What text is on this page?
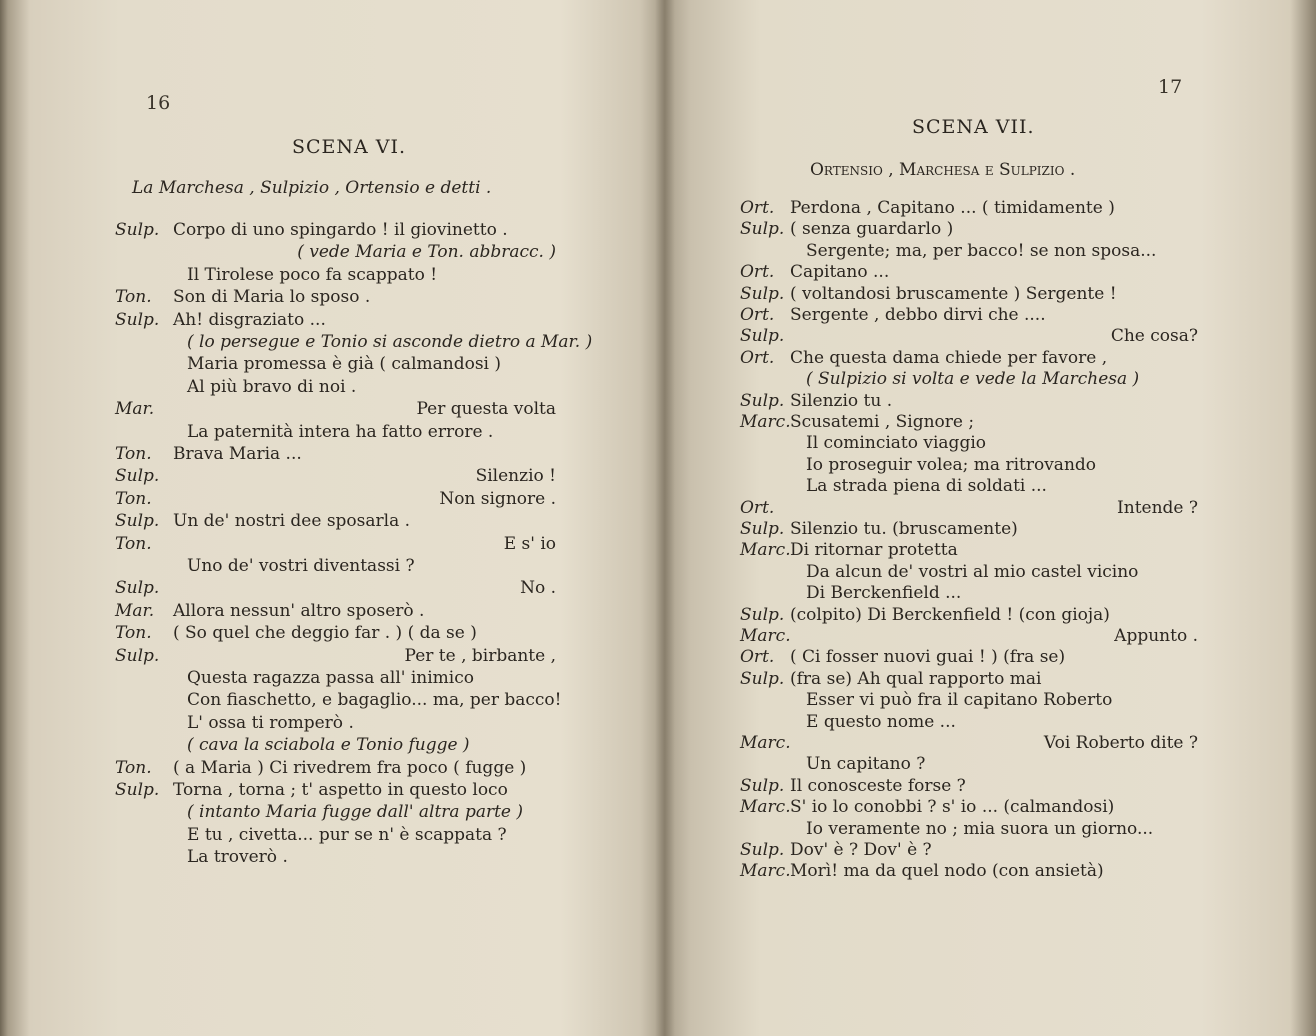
16
SCENA VI.
La Marchesa , Sulpizio , Ortensio e detti .
Sulp. Corpo di uno spingardo ! il giovinetto .
( vede Maria e Ton. abbracc. )
Il Tirolese poco fa scappato !
Ton. Son di Maria lo sposo .
Sulp. Ah! disgraziato ...
( lo persegue e Tonio si asconde dietro a Mar. )
Maria promessa è già ( calmandosi )
Al più bravo di noi .
Mar.	Per questa volta
La paternità intera ha fatto errore .
Ton. Brava Maria ...
Sulp.	Silenzio !
Ton.	Non signore .
Sulp. Un de' nostri dee sposarla .
Ton.	E s' io
Uno de' vostri diventassi ?
Sulp.	No .
Mar. Allora nessun' altro sposerò .
Ton. ( So quel che deggio far . ) ( da se )
Sulp.	Per te , birbante ,
Questa ragazza passa all' inimico
Con fiaschetto, e bagaglio... ma, per bacco!
L' ossa ti romperò .
( cava la sciabola e Tonio fugge )
Ton. ( a Maria ) Ci rivedrem fra poco ( fugge )
Sulp. Torna , torna ; t' aspetto in questo loco
( intanto Maria fugge dall' altra parte )
E tu , civetta... pur se n' è scappata ?
La troverò .
17
SCENA VII.
Ortensio , Marchesa e Sulpizio .
Ort. Perdona , Capitano ... ( timidamente )
Sulp. ( senza guardarlo )
Sergente; ma, per bacco! se non sposa...
Ort. Capitano ...
Sulp. ( voltandosi bruscamente ) Sergente !
Ort. Sergente , debbo dirvi che ....
Sulp.	Che cosa?
Ort. Che questa dama chiede per favore ,
( Sulpizio si volta e vede la Marchesa )
Sulp. Silenzio tu .
Marc. Scusatemi , Signore ;
Il cominciato viaggio
Io proseguir volea; ma ritrovando
La strada piena di soldati ...
Ort.	Intende ?
Sulp. Silenzio tu. (bruscamente)
Marc. Di ritornar protetta
Da alcun de' vostri al mio castel vicino
Di Berckenfield ...
Sulp. (colpito) Di Berckenfield ! (con gioja)
Marc.	Appunto .
Ort. ( Ci fosser nuovi guai ! ) (fra se)
Sulp. (fra se) Ah qual rapporto mai
Esser vi può fra il capitano Roberto
E questo nome ...
Marc.	Voi Roberto dite ?
Un capitano ?
Sulp. Il conosceste forse ?
Marc. S' io lo conobbi ? s' io ... (calmandosi)
Io veramente no ; mia suora un giorno...
Sulp. Dov' è ? Dov' è ?
Marc. Morì! ma da quel nodo (con ansietà)
